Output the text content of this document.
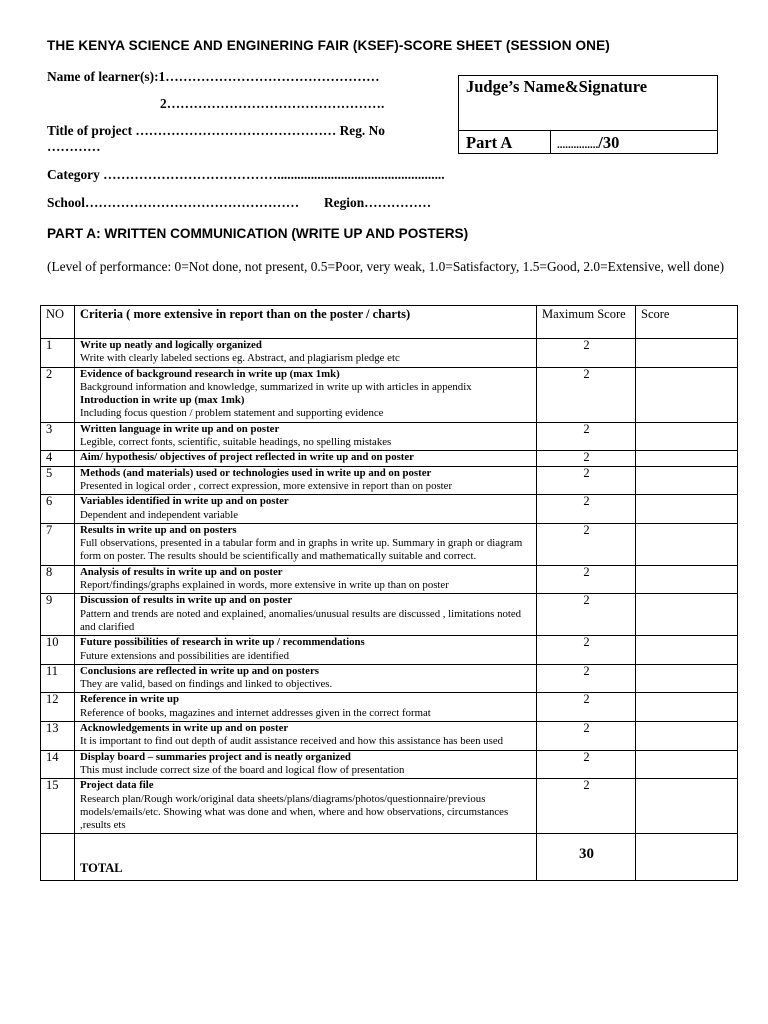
THE KENYA SCIENCE AND ENGINERING FAIR (KSEF)-SCORE SHEET (SESSION ONE)
Name of learner(s):1…………………………………………
2………………………………………….
Title of project ……………………………………… Reg. No
…………
Category …………………………………..................................................
School………………………………………… Region……………
Judge’s Name&Signature
Part A	.............../30
PART A: WRITTEN COMMUNICATION (WRITE UP AND POSTERS)
(Level of performance: 0=Not done, not present, 0.5=Poor, very weak, 1.0=Satisfactory, 1.5=Good, 2.0=Extensive, well done)
NO	Criteria ( more extensive in report than on the poster / charts)	Maximum Score	Score
1	Write up neatly and logically organized
Write with clearly labeled sections eg. Abstract, and plagiarism pledge etc	2	
2	Evidence of background research in write up (max 1mk)
Background information and knowledge, summarized in write up with articles in appendix
Introduction in write up (max 1mk)
Including focus question / problem statement and supporting evidence	2	
3	Written language in write up and on poster
Legible, correct fonts, scientific, suitable headings, no spelling mistakes	2	
4	Aim/ hypothesis/ objectives of project reflected in write up and on poster	2	
5	Methods (and materials) used or technologies used in write up and on poster
Presented in logical order , correct expression, more extensive in report than on poster	2	
6	Variables identified in write up and on poster
Dependent and independent variable	2	
7	Results in write up and on posters
Full observations, presented in a tabular form and in graphs in write up. Summary in graph or diagram form on poster. The results should be scientifically and mathematically suitable and correct.	2	
8	Analysis of results in write up and on poster
Report/findings/graphs explained in words, more extensive in write up than on poster	2	
9	Discussion of results in write up and on poster
Pattern and trends are noted and explained, anomalies/unusual results are discussed , limitations noted and clarified	2	
10	Future possibilities of research in write up / recommendations
Future extensions and possibilities are identified	2	
11	Conclusions are reflected in write up and on posters
They are valid, based on findings and linked to objectives.	2	
12	Reference in write up
Reference of books, magazines and internet addresses given in the correct format	2	
13	Acknowledgements in write up and on poster
It is important to find out depth of audit assistance received and how this assistance has been used	2	
14	Display board – summaries project and is neatly organized
This must include correct size of the board and logical flow of presentation	2	
15	Project data file
Research plan/Rough work/original data sheets/plans/diagrams/photos/questionnaire/previous models/emails/etc. Showing what was done and when, where and how observations, circumstances ,results ets	2	

	TOTAL	30	
